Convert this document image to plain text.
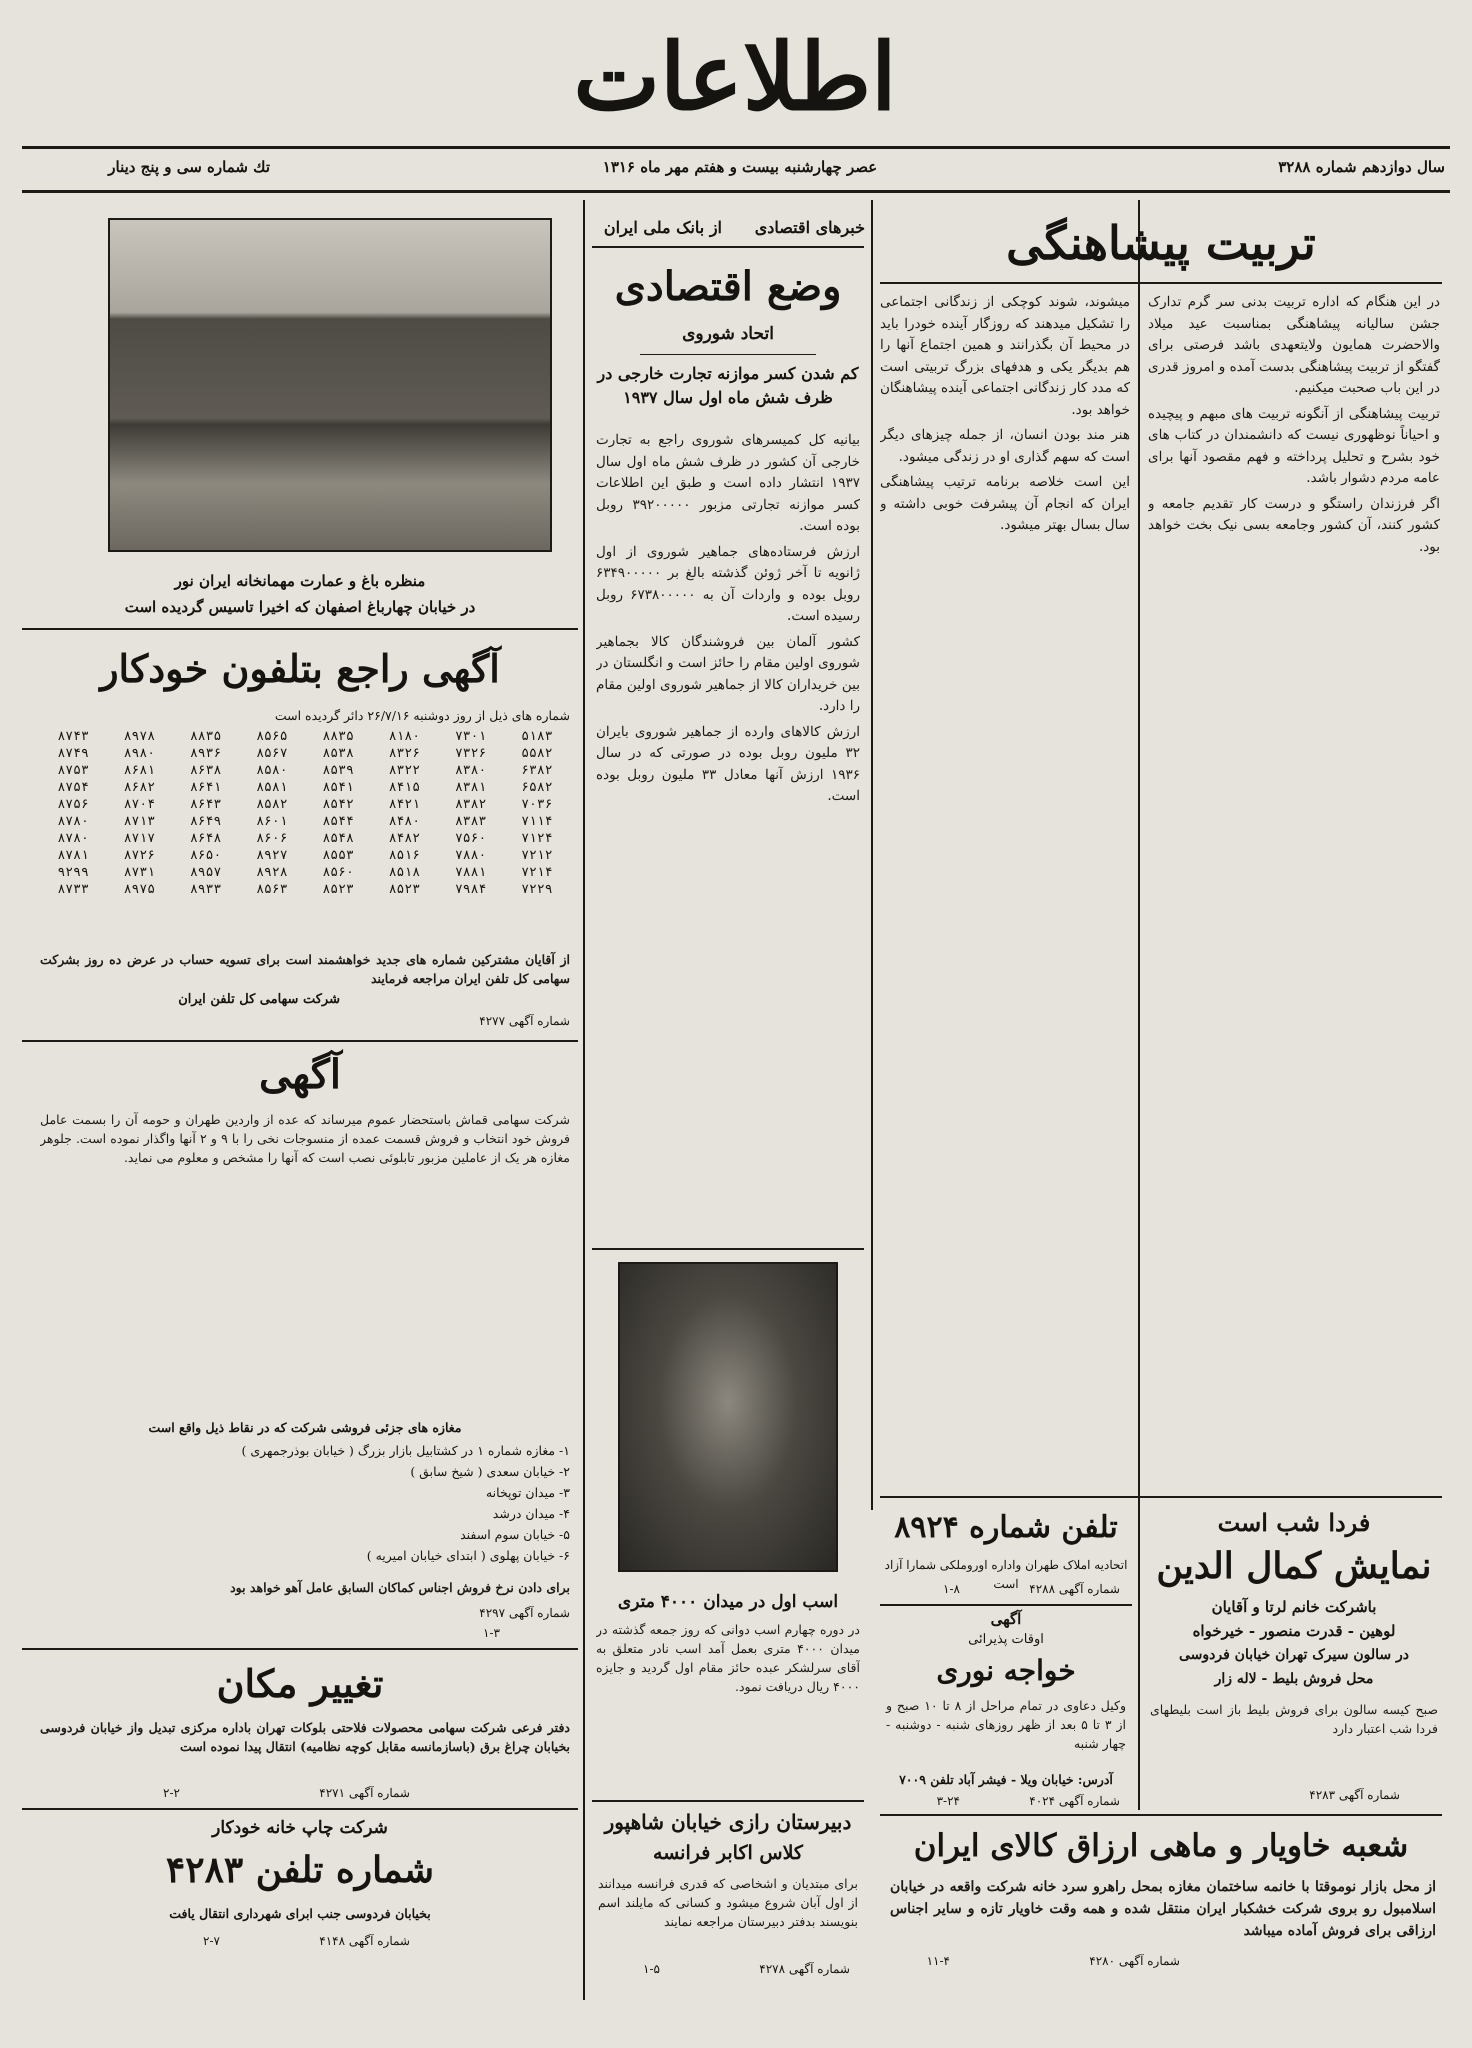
اطلاعات
سال دوازدهم شماره ۳۲۸۸
عصر چهارشنبه بیست و هفتم مهر ماه ۱۳۱۶
تك شماره سی و پنج دینار
تربیت پیشاهنگی

در این هنگام که اداره تربیت بدنی سر گرم تدارک جشن سالیانه پیشاهنگی بمناسبت عید میلاد والاحضرت همایون ولایتعهدی باشد فرصتی برای گفتگو از تربیت پیشاهنگی بدست آمده و امروز قدری در این باب صحبت میکنیم.

تربیت پیشاهنگی از آنگونه تربیت های مبهم و پیچیده و احیاناً نوظهوری نیست که دانشمندان در کتاب های خود بشرح و تحلیل پرداخته و فهم مقصود آنها برای عامه مردم دشوار باشد.

اگر فرزندان راستگو و درست کار تقدیم جامعه و کشور کنند، آن کشور وجامعه بسی نیک بخت خواهد بود.

میشوند، شوند کوچکی از زندگانی اجتماعی را تشکیل میدهند که روزگار آینده خودرا باید در محیط آن بگذرانند و همین اجتماع آنها را هم بدیگر یکی و هدفهای بزرگ تربیتی است که مدد کار زندگانی اجتماعی آینده پیشاهنگان خواهد بود.

هنر مند بودن انسان، از جمله چیزهای دیگر است که سهم گذاری او در زندگی میشود.

این است خلاصه برنامه ترتیب پیشاهنگی ایران که انجام آن پیشرفت خوبی داشته و سال بسال بهتر میشود.

خبرهای اقتصادی
از بانک ملی ایران
وضع اقتصادی
اتحاد شوروی
کم شدن کسر موازنه تجارت خارجی در ظرف شش ماه اول سال ۱۹۳۷

بیانیه کل کمیسرهای شوروی راجع به تجارت خارجی آن کشور در ظرف شش ماه اول سال ۱۹۳۷ انتشار داده است و طبق این اطلاعات کسر موازنه تجارتی مزبور ۳۹۲۰۰۰۰۰ روبل بوده است.

ارزش فرستاده‌های جماهیر شوروی از اول ژانویه تا آخر ژوئن گذشته بالغ بر ۶۳۴۹۰۰۰۰۰ روبل بوده و واردات آن به ۶۷۳۸۰۰۰۰۰ روبل رسیده است.

کشور آلمان بین فروشندگان کالا بجماهیر شوروی اولین مقام را حائز است و انگلستان در بین خریداران کالا از جماهیر شوروی اولین مقام را دارد.

ارزش کالاهای وارده از جماهیر شوروی بایران ۳۲ ملیون روبل بوده در صورتی که در سال ۱۹۳۶ ارزش آنها معادل ۳۳ ملیون روبل بوده است.

اسب اول در میدان ۴۰۰۰ متری
در دوره چهارم اسب دوانی که روز جمعه گذشته در میدان ۴۰۰۰ متری بعمل آمد اسب نادر متعلق به آقای سرلشکر عبده حائز مقام اول گردید و جایزه ۴۰۰۰ ریال دریافت نمود.
دبیرستان رازی خیابان شاهپور
کلاس اکابر فرانسه
برای مبتدیان و اشخاصی که قدری فرانسه میدانند از اول آبان شروع میشود و کسانی که مایلند اسم بنویسند بدفتر دبیرستان مراجعه نمایند
شماره آگهی ۴۲۷۸
۱-۵
منظره باغ و عمارت مهمانخانه ایران نور
در خیابان چهارباغ اصفهان که اخیرا تاسیس گردیده است
آگهی راجع بتلفون خودکار
شماره های ذیل از روز دوشنبه ۲۶/۷/۱۶ دائر گردیده است
۸۷۴۳	۸۹۷۸	۸۸۳۵	۸۵۶۵	۸۸۳۵	۸۱۸۰	۷۳۰۱	۵۱۸۳
۸۷۴۹	۸۹۸۰	۸۹۳۶	۸۵۶۷	۸۵۳۸	۸۳۲۶	۷۳۲۶	۵۵۸۲
۸۷۵۳	۸۶۸۱	۸۶۳۸	۸۵۸۰	۸۵۳۹	۸۳۲۲	۸۳۸۰	۶۳۸۲
۸۷۵۴	۸۶۸۲	۸۶۴۱	۸۵۸۱	۸۵۴۱	۸۴۱۵	۸۳۸۱	۶۵۸۲
۸۷۵۶	۸۷۰۴	۸۶۴۳	۸۵۸۲	۸۵۴۲	۸۴۲۱	۸۳۸۲	۷۰۳۶
۸۷۸۰	۸۷۱۳	۸۶۴۹	۸۶۰۱	۸۵۴۴	۸۴۸۰	۸۳۸۳	۷۱۱۴
۸۷۸۰	۸۷۱۷	۸۶۴۸	۸۶۰۶	۸۵۴۸	۸۴۸۲	۷۵۶۰	۷۱۲۴
۸۷۸۱	۸۷۲۶	۸۶۵۰	۸۹۲۷	۸۵۵۳	۸۵۱۶	۷۸۸۰	۷۲۱۲
۹۲۹۹	۸۷۳۱	۸۹۵۷	۸۹۲۸	۸۵۶۰	۸۵۱۸	۷۸۸۱	۷۲۱۴
۸۷۳۳	۸۹۷۵	۸۹۳۳	۸۵۶۳	۸۵۲۳	۸۵۲۳	۷۹۸۴	۷۲۲۹
از آقایان مشترکین شماره های جدید خواهشمند است برای تسویه حساب در عرض ده روز بشرکت سهامی کل تلفن ایران مراجعه فرمایند
شرکت سهامی کل تلفن ایران
شماره آگهی ۴۲۷۷
آگهی
شرکت سهامی قماش باستحضار عموم میرساند که عده از واردین طهران و حومه آن را بسمت عامل فروش خود انتخاب و فروش قسمت عمده از منسوجات نخی را با ۹ و ۲ آنها واگذار نموده است. جلوهر مغازه هر یک از عاملین مزبور تابلوئی نصب است که آنها را مشخص و معلوم می نماید.
مغازه های جزئی فروشی شرکت که در نقاط ذیل واقع است
۱- مغازه شماره ۱ در کشتابیل بازار بزرگ ( خیابان بوذرجمهری )
۲- خیابان سعدی ( شیخ سابق )
۳- میدان توپخانه
۴- میدان درشد
۵- خیابان سوم اسفند
۶- خیابان پهلوی ( ابتدای خیابان امیریه )
برای دادن نرخ فروش اجناس کماکان السابق عامل آهو خواهد بود
شماره آگهی ۴۲۹۷
۱-۳
تغییر مکان
دفتر فرعی شرکت سهامی محصولات فلاحتی بلوکات تهران باداره مرکزی تبدیل واز خیابان فردوسی بخیابان چراغ برق (باسازمانسه مقابل کوچه نظامیه) انتقال پیدا نموده است
شماره آگهی ۴۲۷۱
۲-۲
شرکت چاپ خانه خودکار
شماره تلفن ۴۲۸۳
بخیابان فردوسی جنب ابرای شهرداری انتقال یافت
شماره آگهی ۴۱۴۸
۲-۷
فردا شب است
نمایش کمال الدین
باشرکت خانم لرتا و آقایان
لوهین - قدرت منصور - خیرخواه
در سالون سیرک تهران خیابان فردوسی
محل فروش بلیط - لاله زار
صبح کیسه سالون برای فروش بلیط باز است بلیطهای فردا شب اعتبار دارد
شماره آگهی ۴۲۸۳
تلفن شماره ۸۹۲۴
اتحادیه املاک طهران واداره اوروملکی شمارا آزاد است شماره آگهی ۴۲۸۸
۱-۸
آگهی
اوقات پذیرائی
خواجه نوری
وکیل دعاوی در تمام مراحل از ۸ تا ۱۰ صبح و از ۳ تا ۵ بعد از ظهر روزهای شنبه - دوشنبه - چهار شنبه
آدرس: خیابان ویلا - فیشر آباد تلفن ۷۰۰۹
شماره آگهی ۴۰۲۴
۳-۲۴
شعبه خاویار و ماهی ارزاق کالای ایران
از محل بازار نوموقتا با خانمه ساختمان مغازه بمحل راهرو سرد خانه شرکت واقعه در خیابان اسلامبول رو بروی شرکت خشکبار ایران منتقل شده و همه وقت خاویار تازه و سایر اجناس ارزاقی برای فروش آماده میباشد
شماره آگهی ۴۲۸۰
۱۱-۴
